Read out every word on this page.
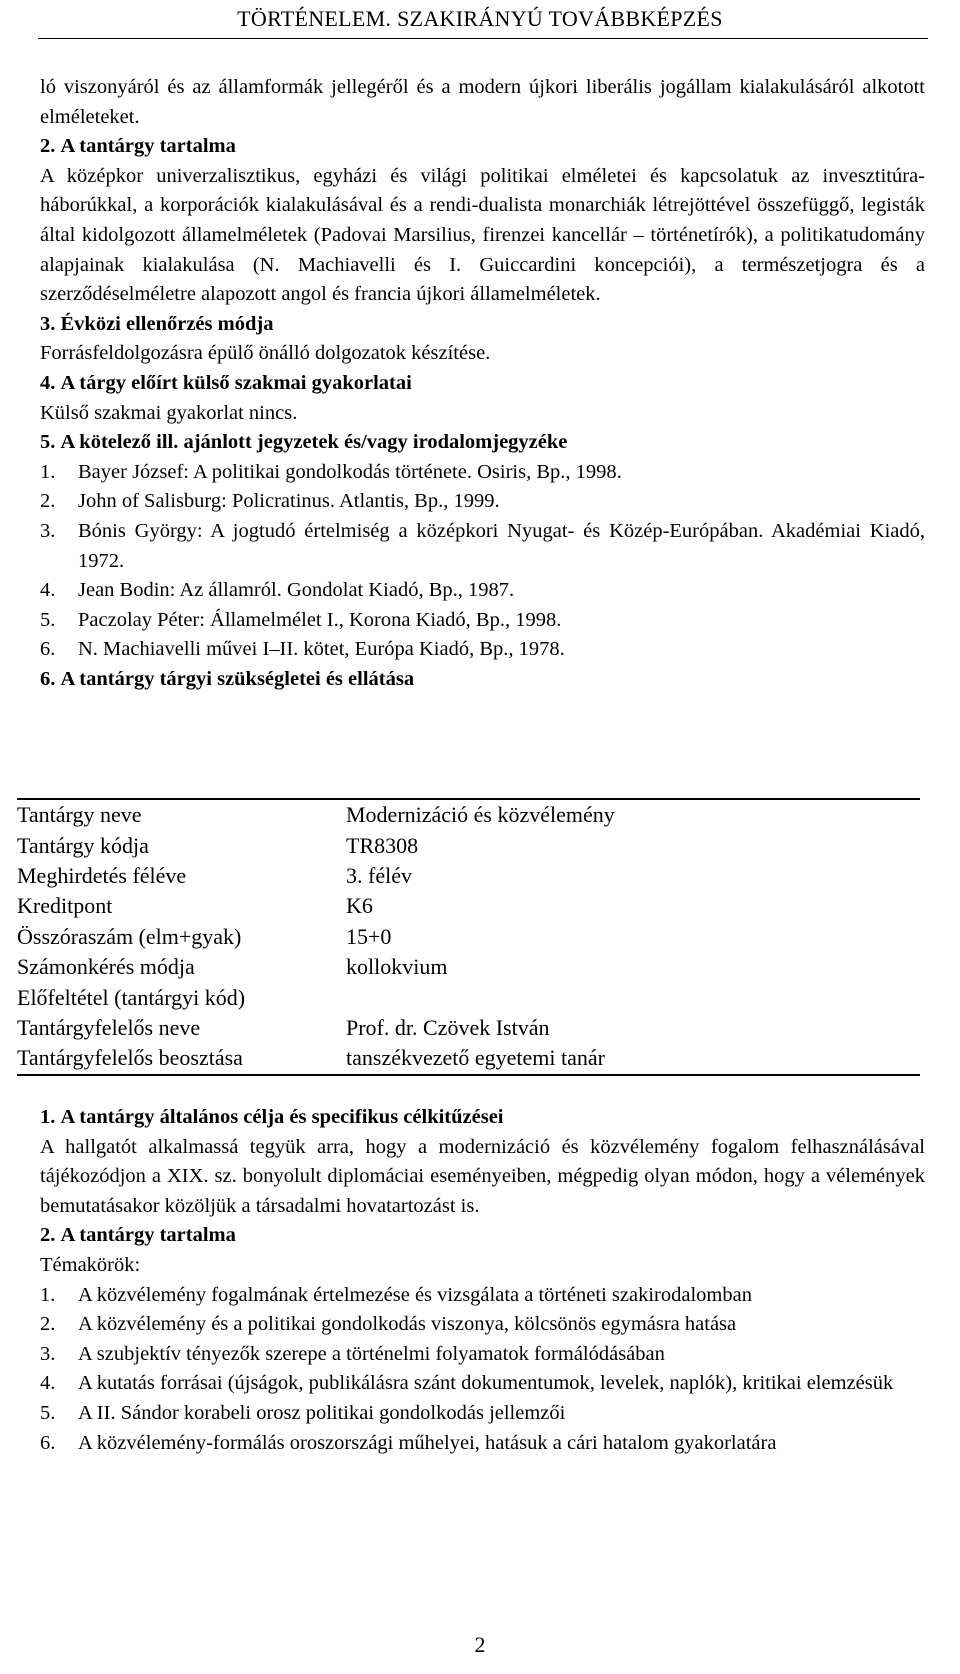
TÖRTÉNELEM. SZAKIRÁNYÚ TOVÁBBKÉPZÉS
ló viszonyáról és az államformák jellegéről és a modern újkori liberális jogállam kialakulásáról alkotott elméleteket.
2. A tantárgy tartalma
A középkor univerzalisztikus, egyházi és világi politikai elméletei és kapcsolatuk az invesztitúra-háborúkkal, a korporációk kialakulásával és a rendi-dualista monarchiák létrejöttével összefüggő, legisták által kidolgozott államelméletek (Padovai Marsilius, firenzei kancellár – történetírók), a politikatudomány alapjainak kialakulása (N. Machiavelli és I. Guiccardini koncepciói), a természetjogra és a szerződéselméletre alapozott angol és francia újkori államelméletek.
3. Évközi ellenőrzés módja
Forrásfeldolgozásra épülő önálló dolgozatok készítése.
4. A tárgy előírt külső szakmai gyakorlatai
Külső szakmai gyakorlat nincs.
5. A kötelező ill. ajánlott jegyzetek és/vagy irodalomjegyzéke
1. Bayer József: A politikai gondolkodás története. Osiris, Bp., 1998.
2. John of Salisburg: Policratinus. Atlantis, Bp., 1999.
3. Bónis György: A jogtudó értelmiség a középkori Nyugat- és Közép-Európában. Akadémiai Kiadó, 1972.
4. Jean Bodin: Az államról. Gondolat Kiadó, Bp., 1987.
5. Paczolay Péter: Államelmélet I., Korona Kiadó, Bp., 1998.
6. N. Machiavelli művei I–II. kötet, Európa Kiadó, Bp., 1978.
6. A tantárgy tárgyi szükségletei és ellátása
Tantárgy neve	Modernizáció és közvélemény
Tantárgy kódja	TR8308
Meghirdetés féléve	3. félév
Kreditpont	K6
Összóraszám (elm+gyak)	15+0
Számonkérés módja	kollokvium
Előfeltétel (tantárgyi kód)	
Tantárgyfelelős neve	Prof. dr. Czövek István
Tantárgyfelelős beosztása	tanszékvezető egyetemi tanár
1. A tantárgy általános célja és specifikus célkitűzései
A hallgatót alkalmassá tegyük arra, hogy a modernizáció és közvélemény fogalom felhasználásával tájékozódjon a XIX. sz. bonyolult diplomáciai eseményeiben, mégpedig olyan módon, hogy a vélemények bemutatásakor közöljük a társadalmi hovatartozást is.
2. A tantárgy tartalma
Témakörök:
1. A közvélemény fogalmának értelmezése és vizsgálata a történeti szakirodalomban
2. A közvélemény és a politikai gondolkodás viszonya, kölcsönös egymásra hatása
3. A szubjektív tényezők szerepe a történelmi folyamatok formálódásában
4. A kutatás forrásai (újságok, publikálásra szánt dokumentumok, levelek, naplók), kritikai elemzésük
5. A II. Sándor korabeli orosz politikai gondolkodás jellemzői
6. A közvélemény-formálás oroszországi műhelyei, hatásuk a cári hatalom gyakorlatára
2
